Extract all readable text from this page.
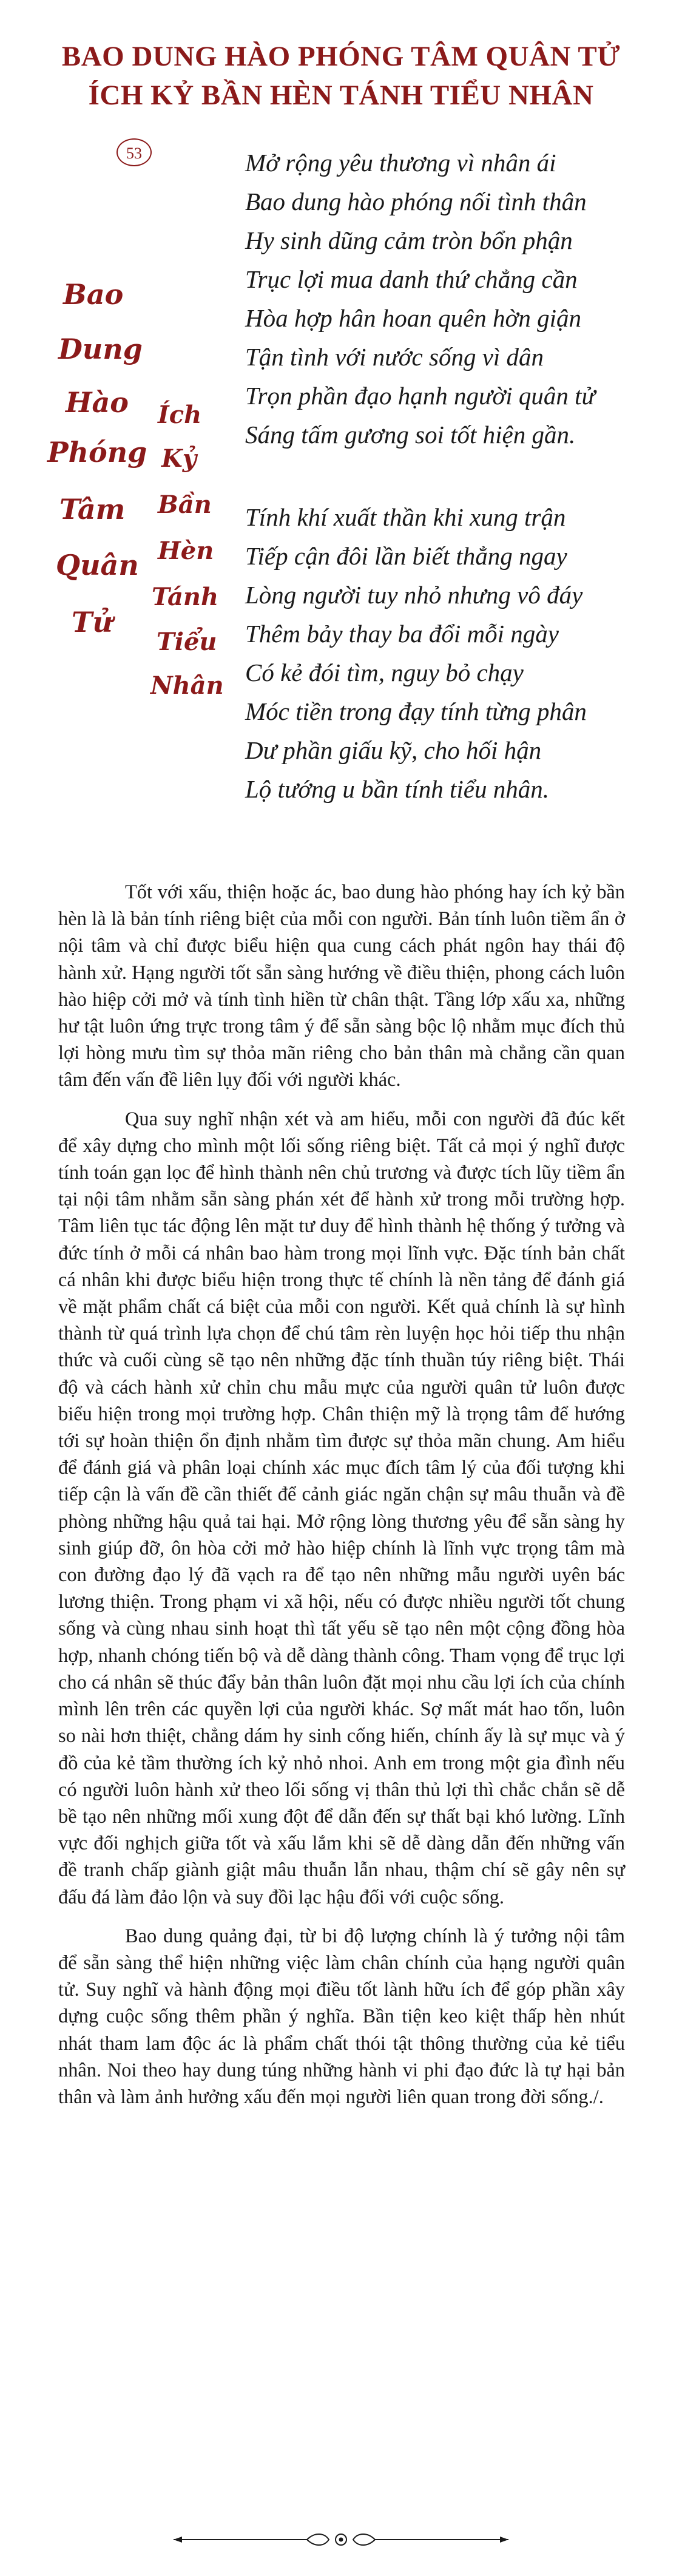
BAO DUNG HÀO PHÓNG TÂM QUÂN TỬ
ÍCH KỶ BẦN HÈN TÁNH TIỂU NHÂN
53
Bao
Dung
Hào
Phóng
Tâm
Quân
Tử
Ích
Kỷ
Bần
Hèn
Tánh
Tiểu
Nhân
Mở rộng yêu thương vì nhân ái
Bao dung hào phóng nối tình thân
Hy sinh dũng cảm tròn bổn phận
Trục lợi mua danh thứ chẳng cần
Hòa hợp hân hoan quên hờn giận
Tận tình với nước sống vì dân
Trọn phần đạo hạnh người quân tử
Sáng tấm gương soi tốt hiện gần.
Tính khí xuất thần khi xung trận
Tiếp cận đôi lần biết thẳng ngay
Lòng người tuy nhỏ nhưng vô đáy
Thêm bảy thay ba đổi mỗi ngày
Có kẻ đói tìm, nguy bỏ chạy
Móc tiền trong đạy tính từng phân
Dư phần giấu kỹ, cho hối hận
Lộ tướng u bần tính tiểu nhân.

Tốt với xấu, thiện hoặc ác, bao dung hào phóng hay ích kỷ bần hèn là là bản tính riêng biệt của mỗi con người. Bản tính luôn tiềm ẩn ở nội tâm và chỉ được biểu hiện qua cung cách phát ngôn hay thái độ hành xử. Hạng người tốt sẵn sàng hướng về điều thiện, phong cách luôn hào hiệp cởi mở và tính tình hiền từ chân thật. Tầng lớp xấu xa, những hư tật luôn ứng trực trong tâm ý để sẵn sàng bộc lộ nhằm mục đích thủ lợi hòng mưu tìm sự thỏa mãn riêng cho bản thân mà chẳng cần quan tâm đến vấn đề liên lụy đối với người khác.

Qua suy nghĩ nhận xét và am hiểu, mỗi con người đã đúc kết để xây dựng cho mình một lối sống riêng biệt. Tất cả mọi ý nghĩ được tính toán gạn lọc để hình thành nên chủ trương và được tích lũy tiềm ẩn tại nội tâm nhằm sẵn sàng phán xét để hành xử trong mỗi trường hợp. Tâm liên tục tác động lên mặt tư duy để hình thành hệ thống ý tưởng và đức tính ở mỗi cá nhân bao hàm trong mọi lĩnh vực. Đặc tính bản chất cá nhân khi được biểu hiện trong thực tế chính là nền tảng để đánh giá về mặt phẩm chất cá biệt của mỗi con người. Kết quả chính là sự hình thành từ quá trình lựa chọn để chú tâm rèn luyện học hỏi tiếp thu nhận thức và cuối cùng sẽ tạo nên những đặc tính thuần túy riêng biệt. Thái độ và cách hành xử chỉn chu mẫu mực của người quân tử luôn được biểu hiện trong mọi trường hợp. Chân thiện mỹ là trọng tâm để hướng tới sự hoàn thiện ổn định nhằm tìm được sự thỏa mãn chung. Am hiểu để đánh giá và phân loại chính xác mục đích tâm lý của đối tượng khi tiếp cận là vấn đề cần thiết để cảnh giác ngăn chận sự mâu thuẫn và đề phòng những hậu quả tai hại. Mở rộng lòng thương yêu để sẵn sàng hy sinh giúp đỡ, ôn hòa cởi mở hào hiệp chính là lĩnh vực trọng tâm mà con đường đạo lý đã vạch ra để tạo nên những mẫu người uyên bác lương thiện. Trong phạm vi xã hội, nếu có được nhiều người tốt chung sống và cùng nhau sinh hoạt thì tất yếu sẽ tạo nên một cộng đồng hòa hợp, nhanh chóng tiến bộ và dễ dàng thành công. Tham vọng để trục lợi cho cá nhân sẽ thúc đẩy bản thân luôn đặt mọi nhu cầu lợi ích của chính mình lên trên các quyền lợi của người khác. Sợ mất mát hao tốn, luôn so nài hơn thiệt, chẳng dám hy sinh cống hiến, chính ấy là sự mục và ý đồ của kẻ tầm thường ích kỷ nhỏ nhoi. Anh em trong một gia đình nếu có người luôn hành xử theo lối sống vị thân thủ lợi thì chắc chắn sẽ dễ bề tạo nên những mối xung đột để dẫn đến sự thất bại khó lường. Lĩnh vực đối nghịch giữa tốt và xấu lắm khi sẽ dễ dàng dẫn đến những vấn đề tranh chấp giành giật mâu thuẫn lẫn nhau, thậm chí sẽ gây nên sự đấu đá làm đảo lộn và suy đồi lạc hậu đối với cuộc sống.

Bao dung quảng đại, từ bi độ lượng chính là ý tưởng nội tâm để sẵn sàng thể hiện những việc làm chân chính của hạng người quân tử. Suy nghĩ và hành động mọi điều tốt lành hữu ích để góp phần xây dựng cuộc sống thêm phần ý nghĩa. Bần tiện keo kiệt thấp hèn nhút nhát tham lam độc ác là phẩm chất thói tật thông thường của kẻ tiểu nhân. Noi theo hay dung túng những hành vi phi đạo đức là tự hại bản thân và làm ảnh hưởng xấu đến mọi người liên quan trong đời sống./.
